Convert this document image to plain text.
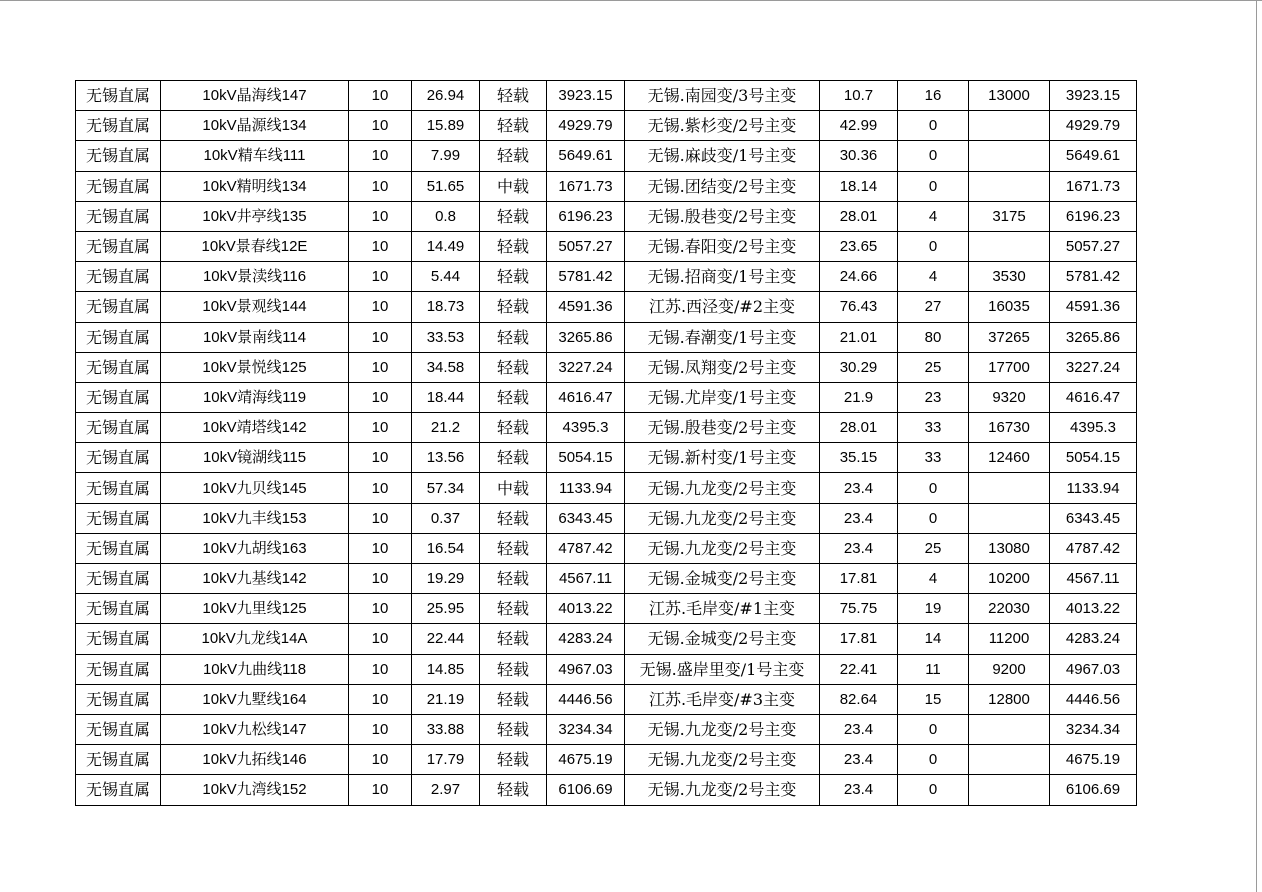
无锡直属	10kV晶海线147	10	26.94	轻载	3923.15	无锡.南园变/3号主变	10.7	16	13000	3923.15
无锡直属	10kV晶源线134	10	15.89	轻载	4929.79	无锡.紫杉变/2号主变	42.99	0		4929.79
无锡直属	10kV精车线111	10	7.99	轻载	5649.61	无锡.麻歧变/1号主变	30.36	0		5649.61
无锡直属	10kV精明线134	10	51.65	中载	1671.73	无锡.团结变/2号主变	18.14	0		1671.73
无锡直属	10kV井亭线135	10	0.8	轻载	6196.23	无锡.殷巷变/2号主变	28.01	4	3175	6196.23
无锡直属	10kV景春线12E	10	14.49	轻载	5057.27	无锡.春阳变/2号主变	23.65	0		5057.27
无锡直属	10kV景渎线116	10	5.44	轻载	5781.42	无锡.招商变/1号主变	24.66	4	3530	5781.42
无锡直属	10kV景观线144	10	18.73	轻载	4591.36	江苏.西泾变/#2主变	76.43	27	16035	4591.36
无锡直属	10kV景南线114	10	33.53	轻载	3265.86	无锡.春潮变/1号主变	21.01	80	37265	3265.86
无锡直属	10kV景悦线125	10	34.58	轻载	3227.24	无锡.凤翔变/2号主变	30.29	25	17700	3227.24
无锡直属	10kV靖海线119	10	18.44	轻载	4616.47	无锡.尤岸变/1号主变	21.9	23	9320	4616.47
无锡直属	10kV靖塔线142	10	21.2	轻载	4395.3	无锡.殷巷变/2号主变	28.01	33	16730	4395.3
无锡直属	10kV镜湖线115	10	13.56	轻载	5054.15	无锡.新村变/1号主变	35.15	33	12460	5054.15
无锡直属	10kV九贝线145	10	57.34	中载	1133.94	无锡.九龙变/2号主变	23.4	0		1133.94
无锡直属	10kV九丰线153	10	0.37	轻载	6343.45	无锡.九龙变/2号主变	23.4	0		6343.45
无锡直属	10kV九胡线163	10	16.54	轻载	4787.42	无锡.九龙变/2号主变	23.4	25	13080	4787.42
无锡直属	10kV九基线142	10	19.29	轻载	4567.11	无锡.金城变/2号主变	17.81	4	10200	4567.11
无锡直属	10kV九里线125	10	25.95	轻载	4013.22	江苏.毛岸变/#1主变	75.75	19	22030	4013.22
无锡直属	10kV九龙线14A	10	22.44	轻载	4283.24	无锡.金城变/2号主变	17.81	14	11200	4283.24
无锡直属	10kV九曲线118	10	14.85	轻载	4967.03	无锡.盛岸里变/1号主变	22.41	11	9200	4967.03
无锡直属	10kV九墅线164	10	21.19	轻载	4446.56	江苏.毛岸变/#3主变	82.64	15	12800	4446.56
无锡直属	10kV九松线147	10	33.88	轻载	3234.34	无锡.九龙变/2号主变	23.4	0		3234.34
无锡直属	10kV九拓线146	10	17.79	轻载	4675.19	无锡.九龙变/2号主变	23.4	0		4675.19
无锡直属	10kV九湾线152	10	2.97	轻载	6106.69	无锡.九龙变/2号主变	23.4	0		6106.69
